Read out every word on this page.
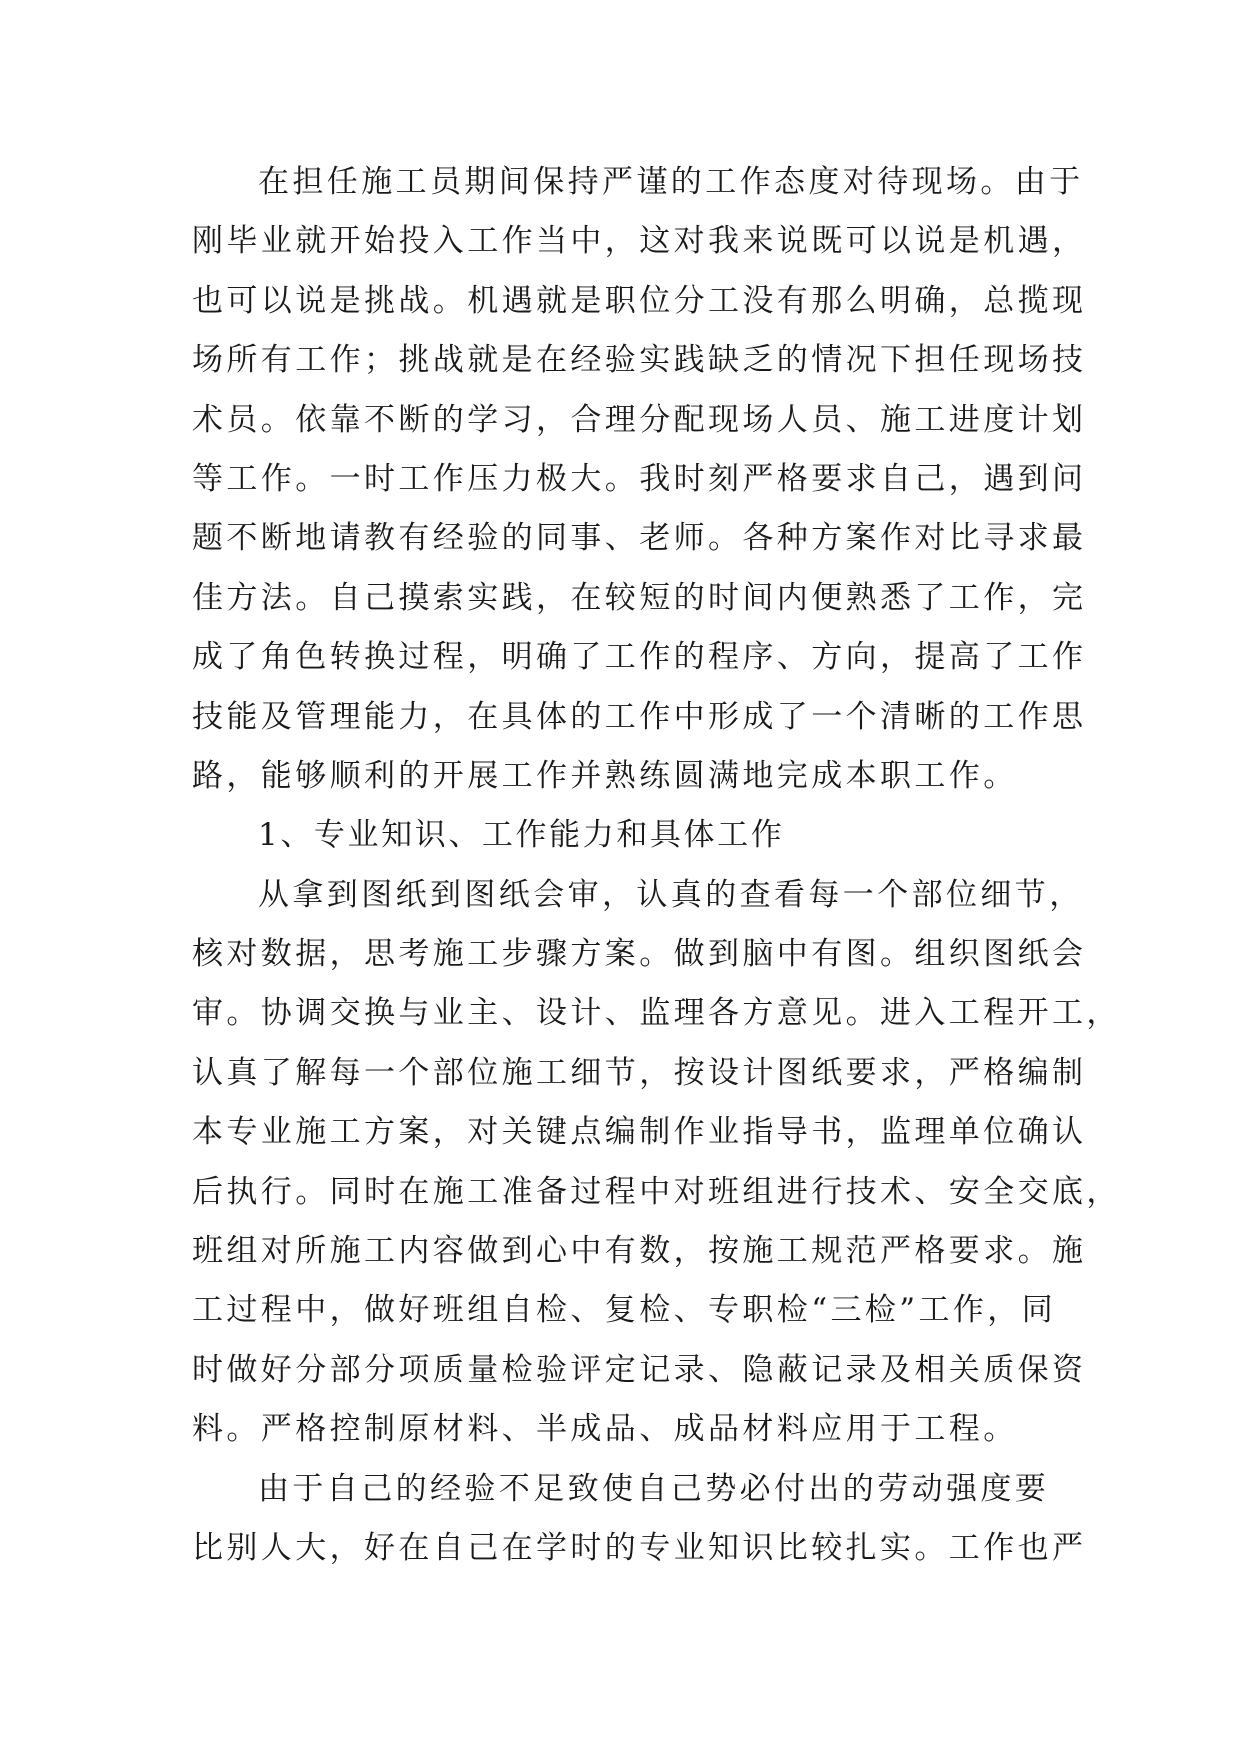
在担任施工员期间保持严谨的工作态度对待现场。由于
刚毕业就开始投入工作当中，这对我来说既可以说是机遇，
也可以说是挑战。机遇就是职位分工没有那么明确，总揽现
场所有工作；挑战就是在经验实践缺乏的情况下担任现场技
术员。依靠不断的学习，合理分配现场人员、施工进度计划
等工作。一时工作压力极大。我时刻严格要求自己，遇到问
题不断地请教有经验的同事、老师。各种方案作对比寻求最
佳方法。自己摸索实践，在较短的时间内便熟悉了工作，完
成了角色转换过程，明确了工作的程序、方向，提高了工作
技能及管理能力，在具体的工作中形成了一个清晰的工作思
路，能够顺利的开展工作并熟练圆满地完成本职工作。
1、专业知识、工作能力和具体工作
从拿到图纸到图纸会审，认真的查看每一个部位细节，
核对数据，思考施工步骤方案。做到脑中有图。组织图纸会
审。协调交换与业主、设计、监理各方意见。进入工程开工，
认真了解每一个部位施工细节，按设计图纸要求，严格编制
本专业施工方案，对关键点编制作业指导书，监理单位确认
后执行。同时在施工准备过程中对班组进行技术、安全交底，
班组对所施工内容做到心中有数，按施工规范严格要求。施
工过程中，做好班组自检、复检、专职检“三检”工作，同
时做好分部分项质量检验评定记录、隐蔽记录及相关质保资
料。严格控制原材料、半成品、成品材料应用于工程。
由于自己的经验不足致使自己势必付出的劳动强度要
比别人大，好在自己在学时的专业知识比较扎实。工作也严
